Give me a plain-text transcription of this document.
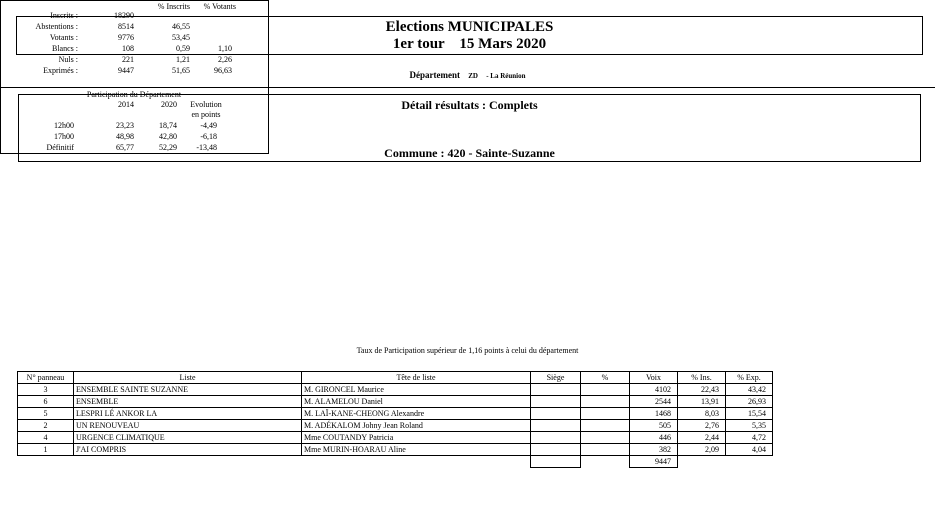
Elections MUNICIPALES
1er tour    15 Mars 2020
Département ZD - La Réunion
Détail résultats : Complets
Commune : 420 - Sainte-Suzanne
% Inscrits	% Votants
Inscrits :	18290
Abstentions :	8514	46,55
Votants :	9776	53,45
Blancs :	108	0,59	1,10
Nuls :	221	1,21	2,26
Exprimés :	9447	51,65	96,63
Participation du Département
2014	2020	Evolution
en points
12h00	23,23	18,74	-4,49
17h00	48,98	42,80	-6,18
Définitif	65,77	52,29	-13,48
Taux de Participation supérieur de 1,16 points à celui du département
N° panneau	Liste	Tête de liste	Siège	%	Voix	% Ins.	% Exp.
3	ENSEMBLE SAINTE SUZANNE	M. GIRONCEL Maurice			4102	22,43	43,42
6	ENSEMBLE	M. ALAMELOU Daniel			2544	13,91	26,93
5	LESPRI LÉ ANKOR LA	M. LAÏ-KANE-CHEONG Alexandre			1468	8,03	15,54
2	UN RENOUVEAU	M. ADÉKALOM Johny Jean Roland			505	2,76	5,35
4	URGENCE CLIMATIQUE	Mme COUTANDY Patricia			446	2,44	4,72
1	J'AI COMPRIS	Mme MURIN-HOARAU Aline			382	2,09	4,04
					9447		
